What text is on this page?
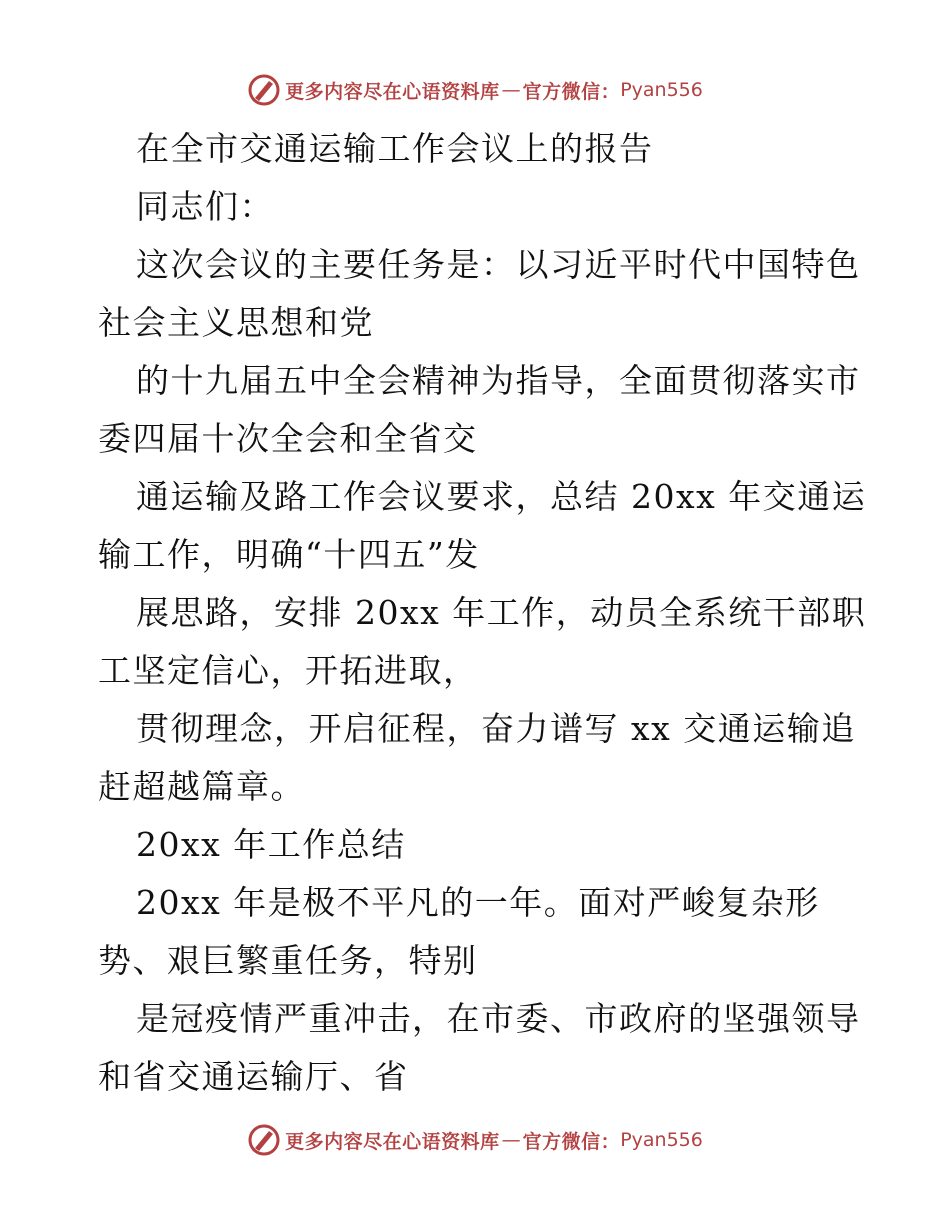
更多内容尽在心语资料库 — 官方微信： Pyan556
在全市交通运输工作会议上的报告
同志们：
这次会议的主要任务是：以习近平时代中国特色
社会主义思想和党
的十九届五中全会精神为指导，全面贯彻落实市
委四届十次全会和全省交
通运输及路工作会议要求，总结 20xx 年交通运
输工作，明确“十四五”发
展思路，安排 20xx 年工作，动员全系统干部职
工坚定信心，开拓进取，
贯彻理念，开启征程，奋力谱写 xx 交通运输追
赶超越篇章。
20xx 年工作总结
20xx 年是极不平凡的一年。面对严峻复杂形
势、艰巨繁重任务，特别
是冠疫情严重冲击，在市委、市政府的坚强领导
和省交通运输厅、省
更多内容尽在心语资料库 — 官方微信： Pyan556
